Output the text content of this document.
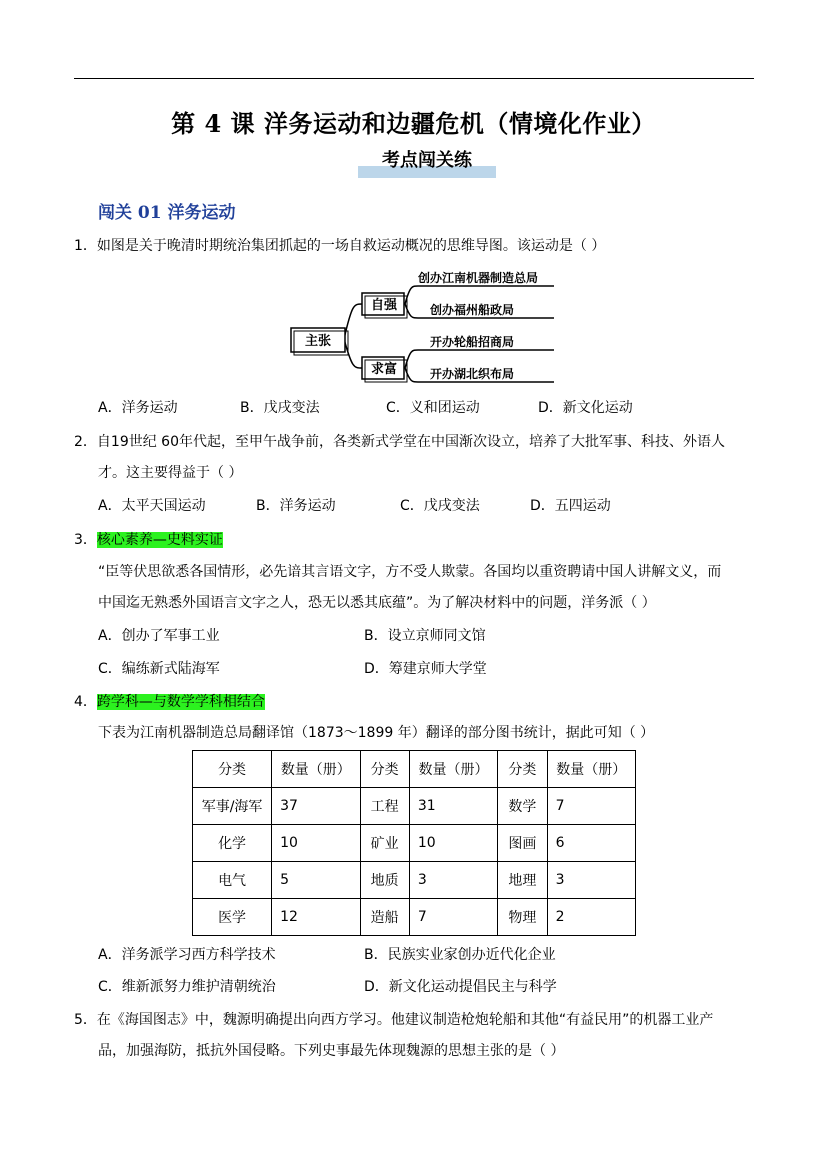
第 4 课 洋务运动和边疆危机（情境化作业）
考点闯关练
闯关 01 洋务运动
1．如图是关于晚清时期统治集团抓起的一场自救运动概况的思维导图。该运动是（ ）
主张
自强
求富
创办江南机器制造总局
创办福州船政局
开办轮船招商局
开办湖北织布局
A．洋务运动	B．戊戌变法	C．义和团运动	D．新文化运动
2．自19世纪 60年代起，至甲午战争前，各类新式学堂在中国渐次设立，培养了大批军事、科技、外语人
才。这主要得益于（ ）
A．太平天国运动	B．洋务运动	C．戊戌变法	D．五四运动
3．核心素养—史料实证
“臣等伏思欲悉各国情形，必先谙其言语文字，方不受人欺蒙。各国均以重资聘请中国人讲解文义，而
中国迄无熟悉外国语言文字之人，恐无以悉其底蕴”。为了解决材料中的问题，洋务派（ ）
A．创办了军事工业	B．设立京师同文馆
C．编练新式陆海军	D．筹建京师大学堂
4．跨学科—与数学学科相结合
下表为江南机器制造总局翻译馆（1873～1899 年）翻译的部分图书统计，据此可知（ ）
分类	数量（册）	分类	数量（册）	分类	数量（册）
军事/海军	37	工程	31	数学	7
化学	10	矿业	10	图画	6
电气	5	地质	3	地理	3
医学	12	造船	7	物理	2
A．洋务派学习西方科学技术	B．民族实业家创办近代化企业
C．维新派努力维护清朝统治	D．新文化运动提倡民主与科学
5．在《海国图志》中，魏源明确提出向西方学习。他建议制造枪炮轮船和其他“有益民用”的机器工业产
品，加强海防，抵抗外国侵略。下列史事最先体现魏源的思想主张的是（ ）
